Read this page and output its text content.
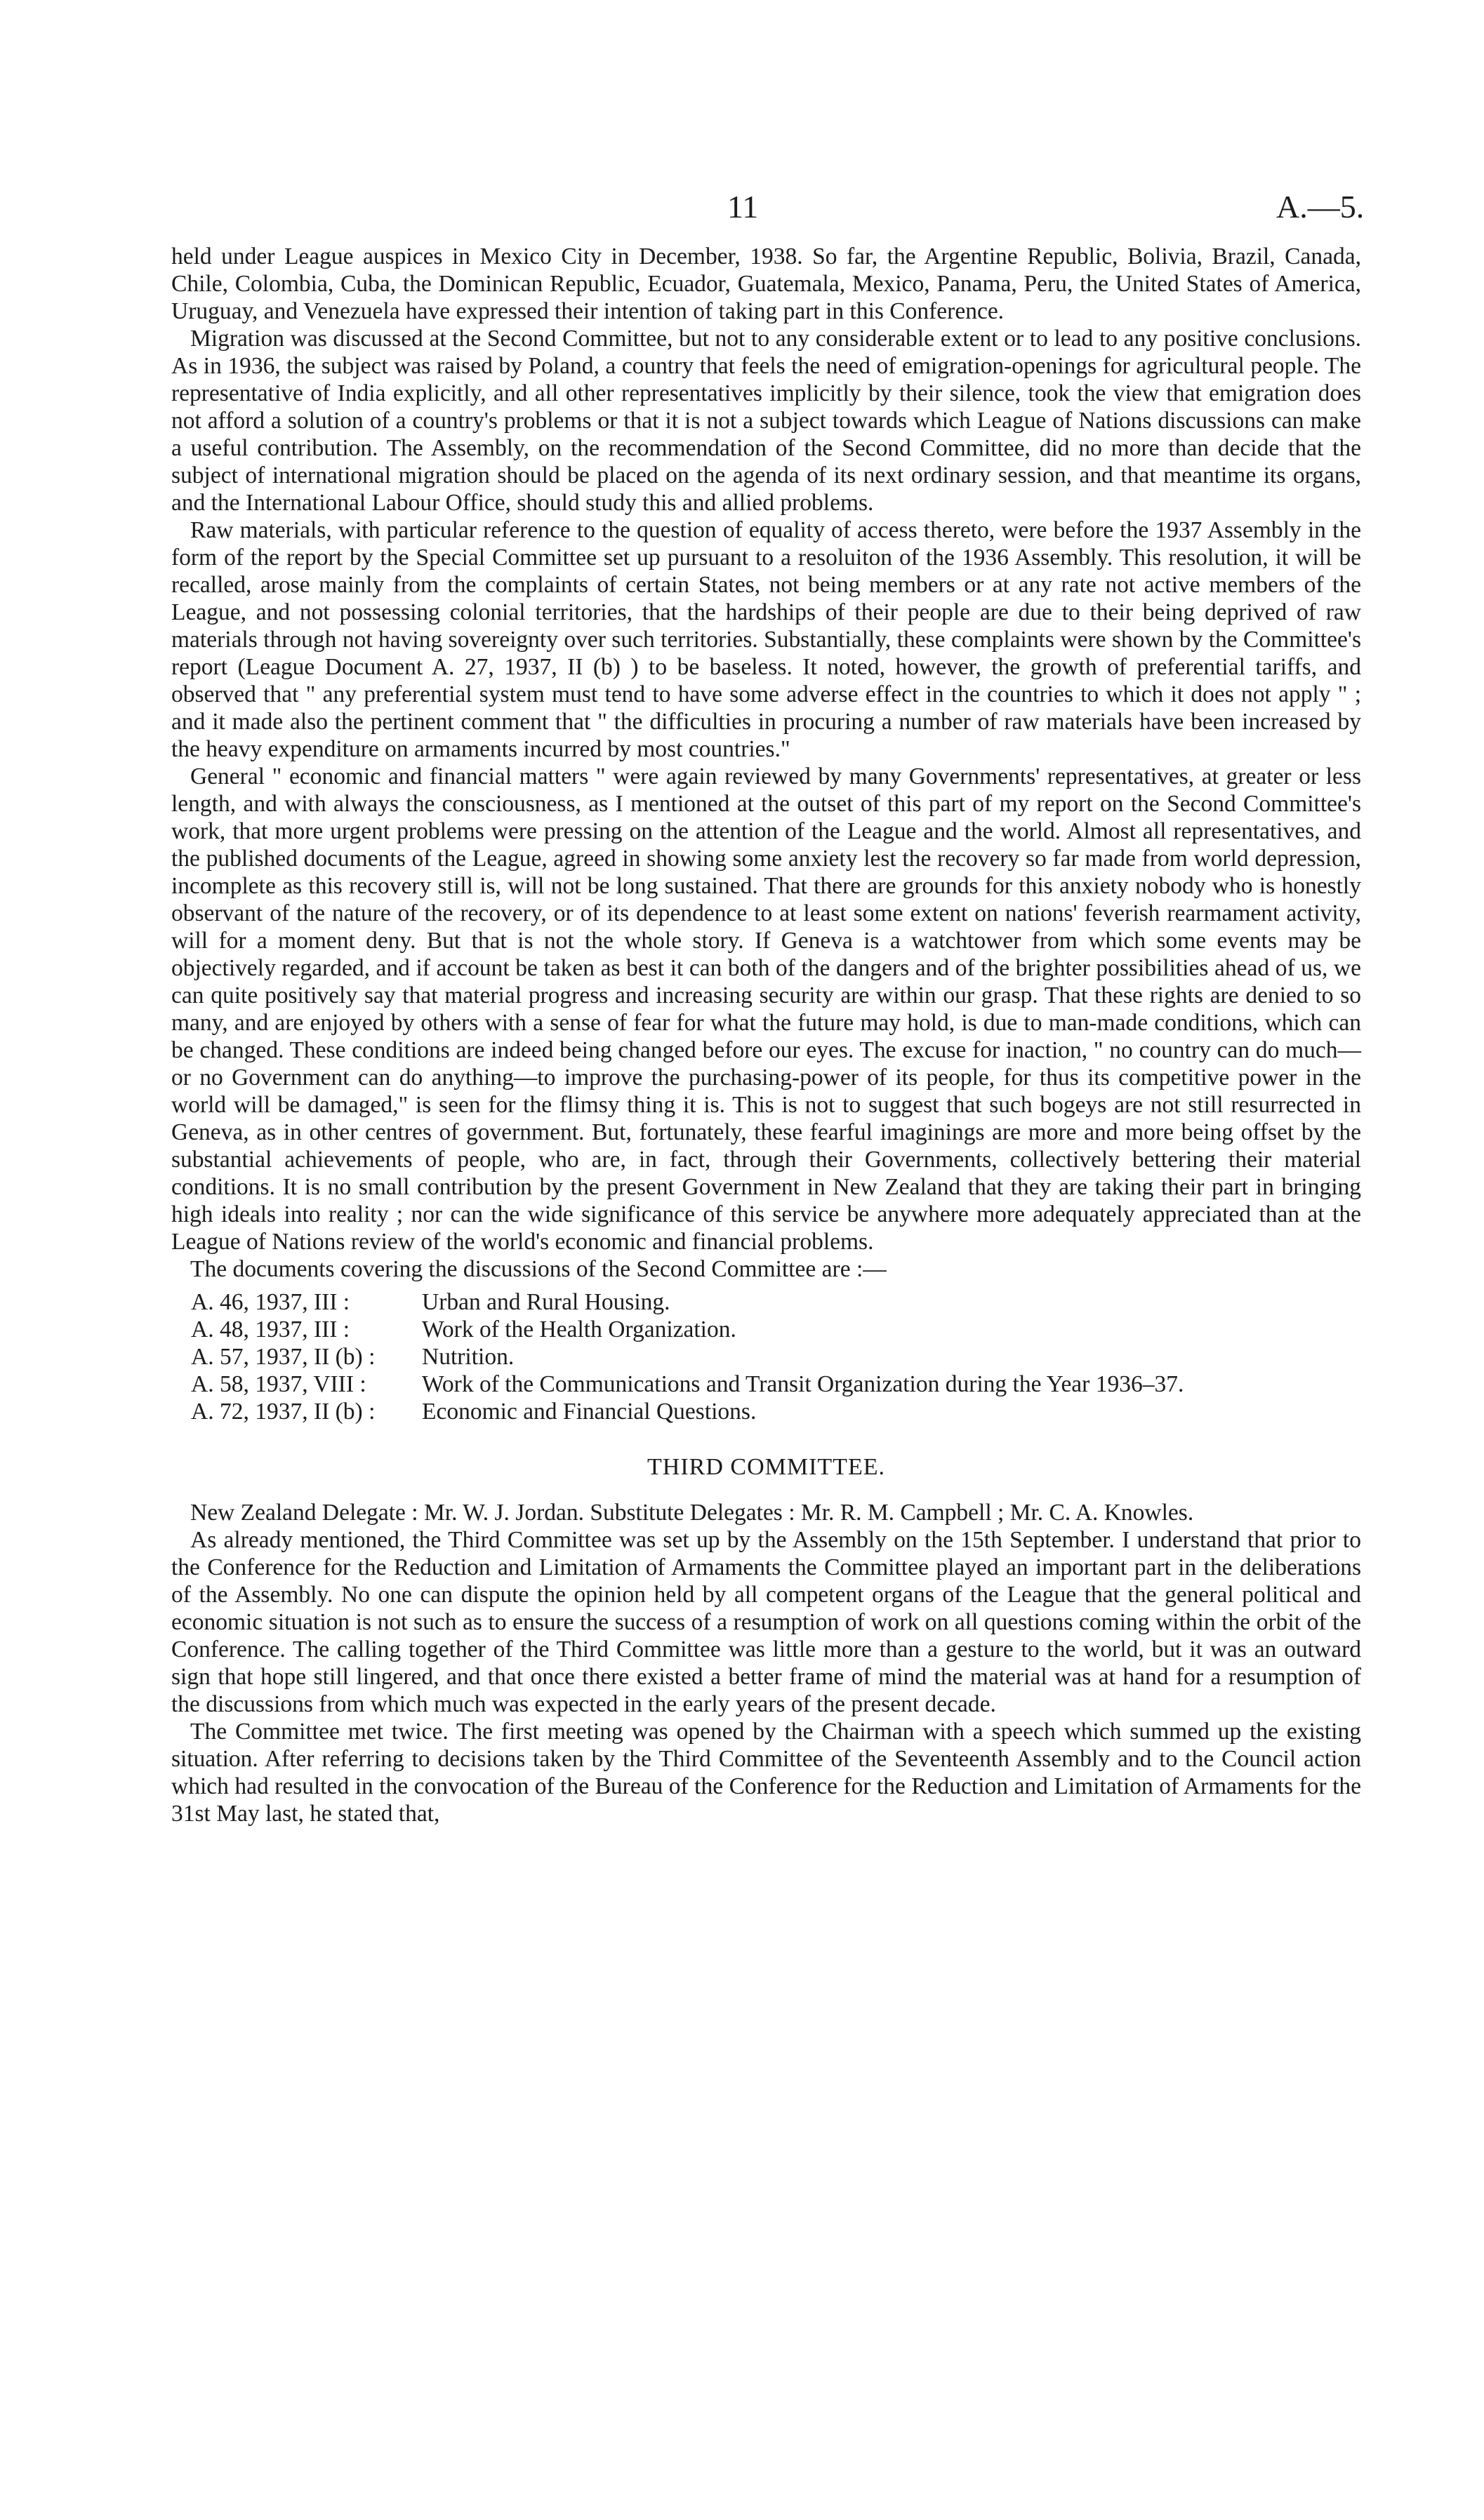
11	A.—5.

held under League auspices in Mexico City in December, 1938. So far, the Argentine Republic, Bolivia, Brazil, Canada, Chile, Colombia, Cuba, the Dominican Republic, Ecuador, Guatemala, Mexico, Panama, Peru, the United States of America, Uruguay, and Venezuela have expressed their intention of taking part in this Conference.

Migration was discussed at the Second Committee, but not to any considerable extent or to lead to any positive conclusions. As in 1936, the subject was raised by Poland, a country that feels the need of emigration-openings for agricultural people. The representative of India explicitly, and all other representatives implicitly by their silence, took the view that emigration does not afford a solution of a country's problems or that it is not a subject towards which League of Nations discussions can make a useful contribution. The Assembly, on the recommendation of the Second Committee, did no more than decide that the subject of international migration should be placed on the agenda of its next ordinary session, and that meantime its organs, and the International Labour Office, should study this and allied problems.

Raw materials, with particular reference to the question of equality of access thereto, were before the 1937 Assembly in the form of the report by the Special Committee set up pursuant to a resoluiton of the 1936 Assembly. This resolution, it will be recalled, arose mainly from the complaints of certain States, not being members or at any rate not active members of the League, and not possessing colonial territories, that the hardships of their people are due to their being deprived of raw materials through not having sovereignty over such territories. Substantially, these complaints were shown by the Committee's report (League Document A. 27, 1937, II (b) ) to be baseless. It noted, however, the growth of preferential tariffs, and observed that " any preferential system must tend to have some adverse effect in the countries to which it does not apply " ; and it made also the pertinent comment that " the difficulties in procuring a number of raw materials have been increased by the heavy expenditure on armaments incurred by most countries."

General " economic and financial matters " were again reviewed by many Governments' representatives, at greater or less length, and with always the consciousness, as I mentioned at the outset of this part of my report on the Second Committee's work, that more urgent problems were pressing on the attention of the League and the world. Almost all representatives, and the published documents of the League, agreed in showing some anxiety lest the recovery so far made from world depression, incomplete as this recovery still is, will not be long sustained. That there are grounds for this anxiety nobody who is honestly observant of the nature of the recovery, or of its dependence to at least some extent on nations' feverish rearmament activity, will for a moment deny. But that is not the whole story. If Geneva is a watchtower from which some events may be objectively regarded, and if account be taken as best it can both of the dangers and of the brighter possibilities ahead of us, we can quite positively say that material progress and increasing security are within our grasp. That these rights are denied to so many, and are enjoyed by others with a sense of fear for what the future may hold, is due to man-made conditions, which can be changed. These conditions are indeed being changed before our eyes. The excuse for inaction, " no country can do much—or no Government can do anything—to improve the purchasing-power of its people, for thus its competitive power in the world will be damaged," is seen for the flimsy thing it is. This is not to suggest that such bogeys are not still resurrected in Geneva, as in other centres of government. But, fortunately, these fearful imaginings are more and more being offset by the substantial achievements of people, who are, in fact, through their Governments, collectively bettering their material conditions. It is no small contribution by the present Government in New Zealand that they are taking their part in bringing high ideals into reality ; nor can the wide significance of this service be anywhere more adequately appreciated than at the League of Nations review of the world's economic and financial problems.

The documents covering the discussions of the Second Committee are :—

A. 46, 1937, III :	Urban and Rural Housing.
A. 48, 1937, III :	Work of the Health Organization.
A. 57, 1937, II (b) :	Nutrition.
A. 58, 1937, VIII :	Work of the Communications and Transit Organization during the Year 1936–37.
A. 72, 1937, II (b) :	Economic and Financial Questions.
THIRD COMMITTEE.

New Zealand Delegate : Mr. W. J. Jordan. Substitute Delegates : Mr. R. M. Campbell ; Mr. C. A. Knowles.

As already mentioned, the Third Committee was set up by the Assembly on the 15th September. I understand that prior to the Conference for the Reduction and Limitation of Armaments the Committee played an important part in the deliberations of the Assembly. No one can dispute the opinion held by all competent organs of the League that the general political and economic situation is not such as to ensure the success of a resumption of work on all questions coming within the orbit of the Conference. The calling together of the Third Committee was little more than a gesture to the world, but it was an outward sign that hope still lingered, and that once there existed a better frame of mind the material was at hand for a resumption of the discussions from which much was expected in the early years of the present decade.

The Committee met twice. The first meeting was opened by the Chairman with a speech which summed up the existing situation. After referring to decisions taken by the Third Committee of the Seventeenth Assembly and to the Council action which had resulted in the convocation of the Bureau of the Conference for the Reduction and Limitation of Armaments for the 31st May last, he stated that,
